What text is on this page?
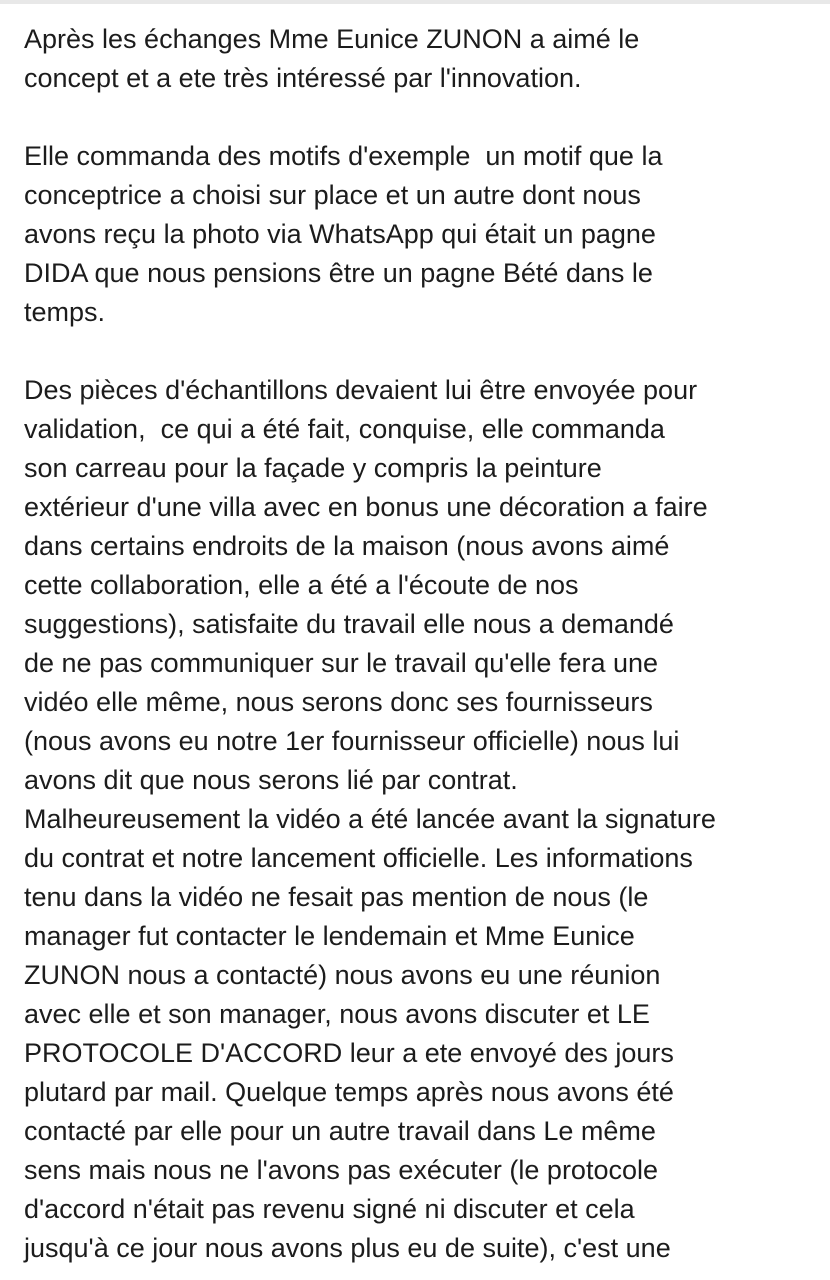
Après les échanges Mme Eunice ZUNON a aimé le
concept et a ete très intéressé par l'innovation.
Elle commanda des motifs d'exemple  un motif que la
conceptrice a choisi sur place et un autre dont nous
avons reçu la photo via WhatsApp qui était un pagne
DIDA que nous pensions être un pagne Bété dans le
temps.
Des pièces d'échantillons devaient lui être envoyée pour
validation,  ce qui a été fait, conquise, elle commanda
son carreau pour la façade y compris la peinture
extérieur d'une villa avec en bonus une décoration a faire
dans certains endroits de la maison (nous avons aimé
cette collaboration, elle a été a l'écoute de nos
suggestions), satisfaite du travail elle nous a demandé
de ne pas communiquer sur le travail qu'elle fera une
vidéo elle même, nous serons donc ses fournisseurs
(nous avons eu notre 1er fournisseur officielle) nous lui
avons dit que nous serons lié par contrat.
Malheureusement la vidéo a été lancée avant la signature
du contrat et notre lancement officielle. Les informations
tenu dans la vidéo ne fesait pas mention de nous (le
manager fut contacter le lendemain et Mme Eunice
ZUNON nous a contacté) nous avons eu une réunion
avec elle et son manager, nous avons discuter et LE
PROTOCOLE D'ACCORD leur a ete envoyé des jours
plutard par mail. Quelque temps après nous avons été
contacté par elle pour un autre travail dans Le même
sens mais nous ne l'avons pas exécuter (le protocole
d'accord n'était pas revenu signé ni discuter et cela
jusqu'à ce jour nous avons plus eu de suite), c'est une
